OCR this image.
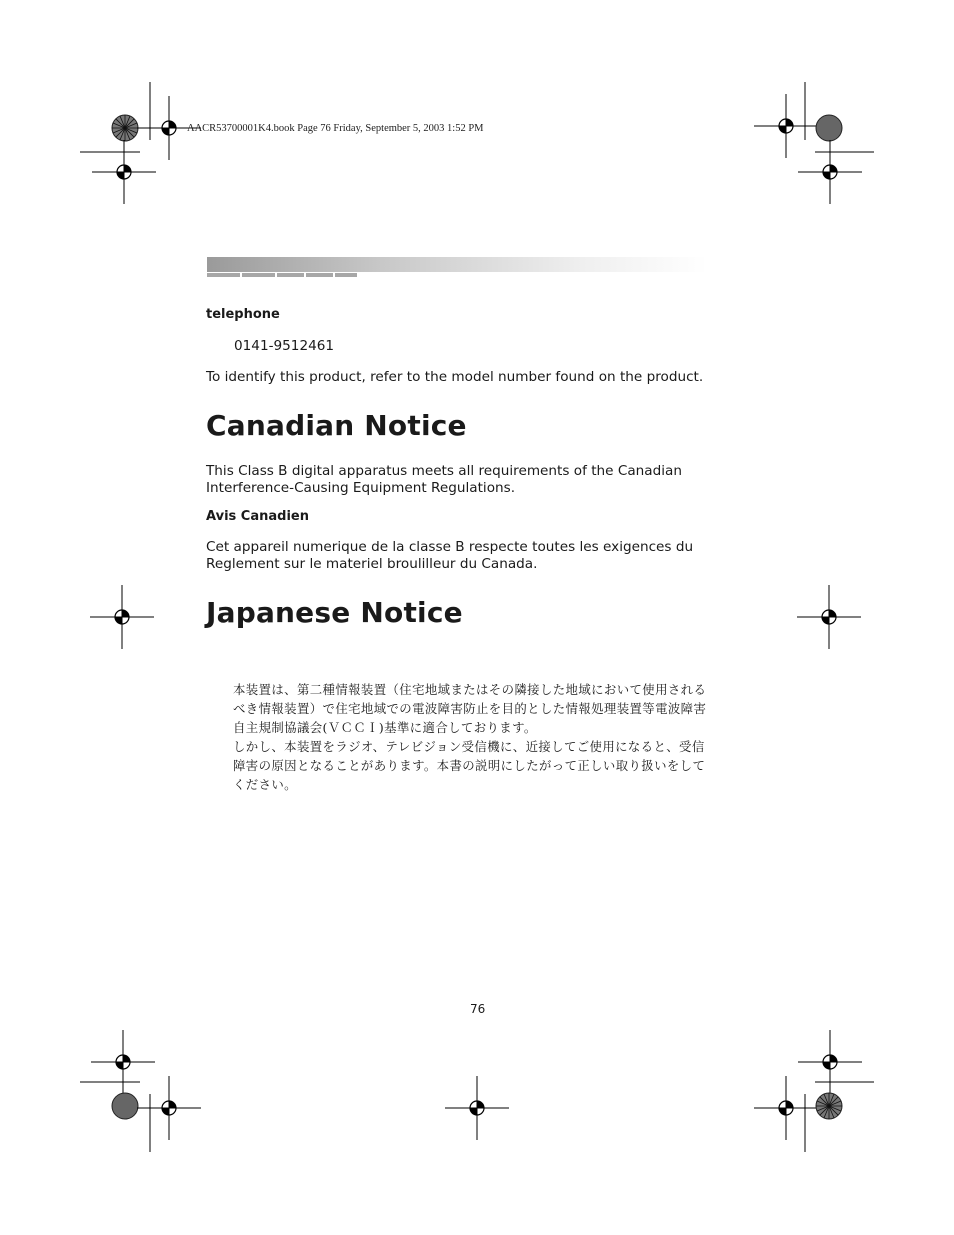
AACR53700001K4.book Page 76 Friday, September 5, 2003 1:52 PM
telephone
0141-9512461
To identify this product, refer to the model number found on the product.
Canadian Notice
This Class B digital apparatus meets all requirements of the Canadian
Interference-Causing Equipment Regulations.
Avis Canadien
Cet appareil numerique de la classe B respecte toutes les exigences du
Reglement sur le materiel broulilleur du Canada.
Japanese Notice
本装置は、第二種情報装置（住宅地域またはその隣接した地域において使用される
べき情報装置）で住宅地域での電波障害防止を目的とした情報処理装置等電波障害
自主規制協議会(ＶＣＣＩ)基準に適合しております。
しかし、本装置をラジオ、テレビジョン受信機に、近接してご使用になると、受信
障害の原因となることがあります。本書の説明にしたがって正しい取り扱いをして
ください。
76
